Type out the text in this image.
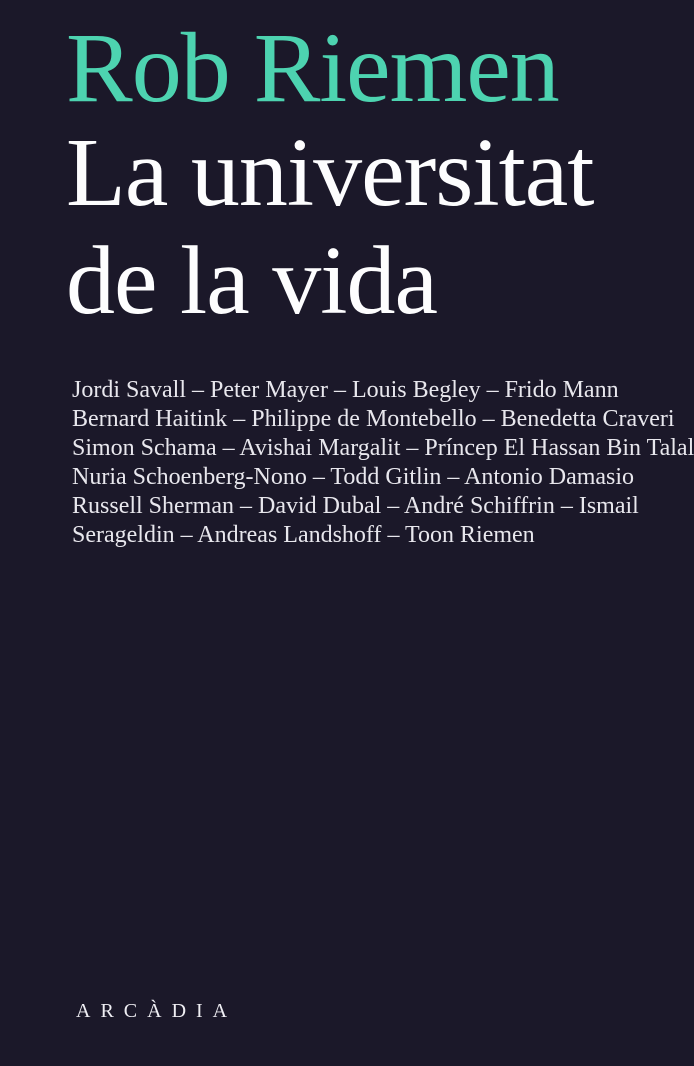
Rob Riemen
La universitat
de la vida
Jordi Savall – Peter Mayer – Louis Begley – Frido Mann
Bernard Haitink – Philippe de Montebello – Benedetta Craveri
Simon Schama – Avishai Margalit – Príncep El Hassan Bin Talal
Nuria Schoenberg-Nono – Todd Gitlin – Antonio Damasio
Russell Sherman – David Dubal – André Schiffrin – Ismail
Serageldin – Andreas Landshoff – Toon Riemen
ARCÀDIA
